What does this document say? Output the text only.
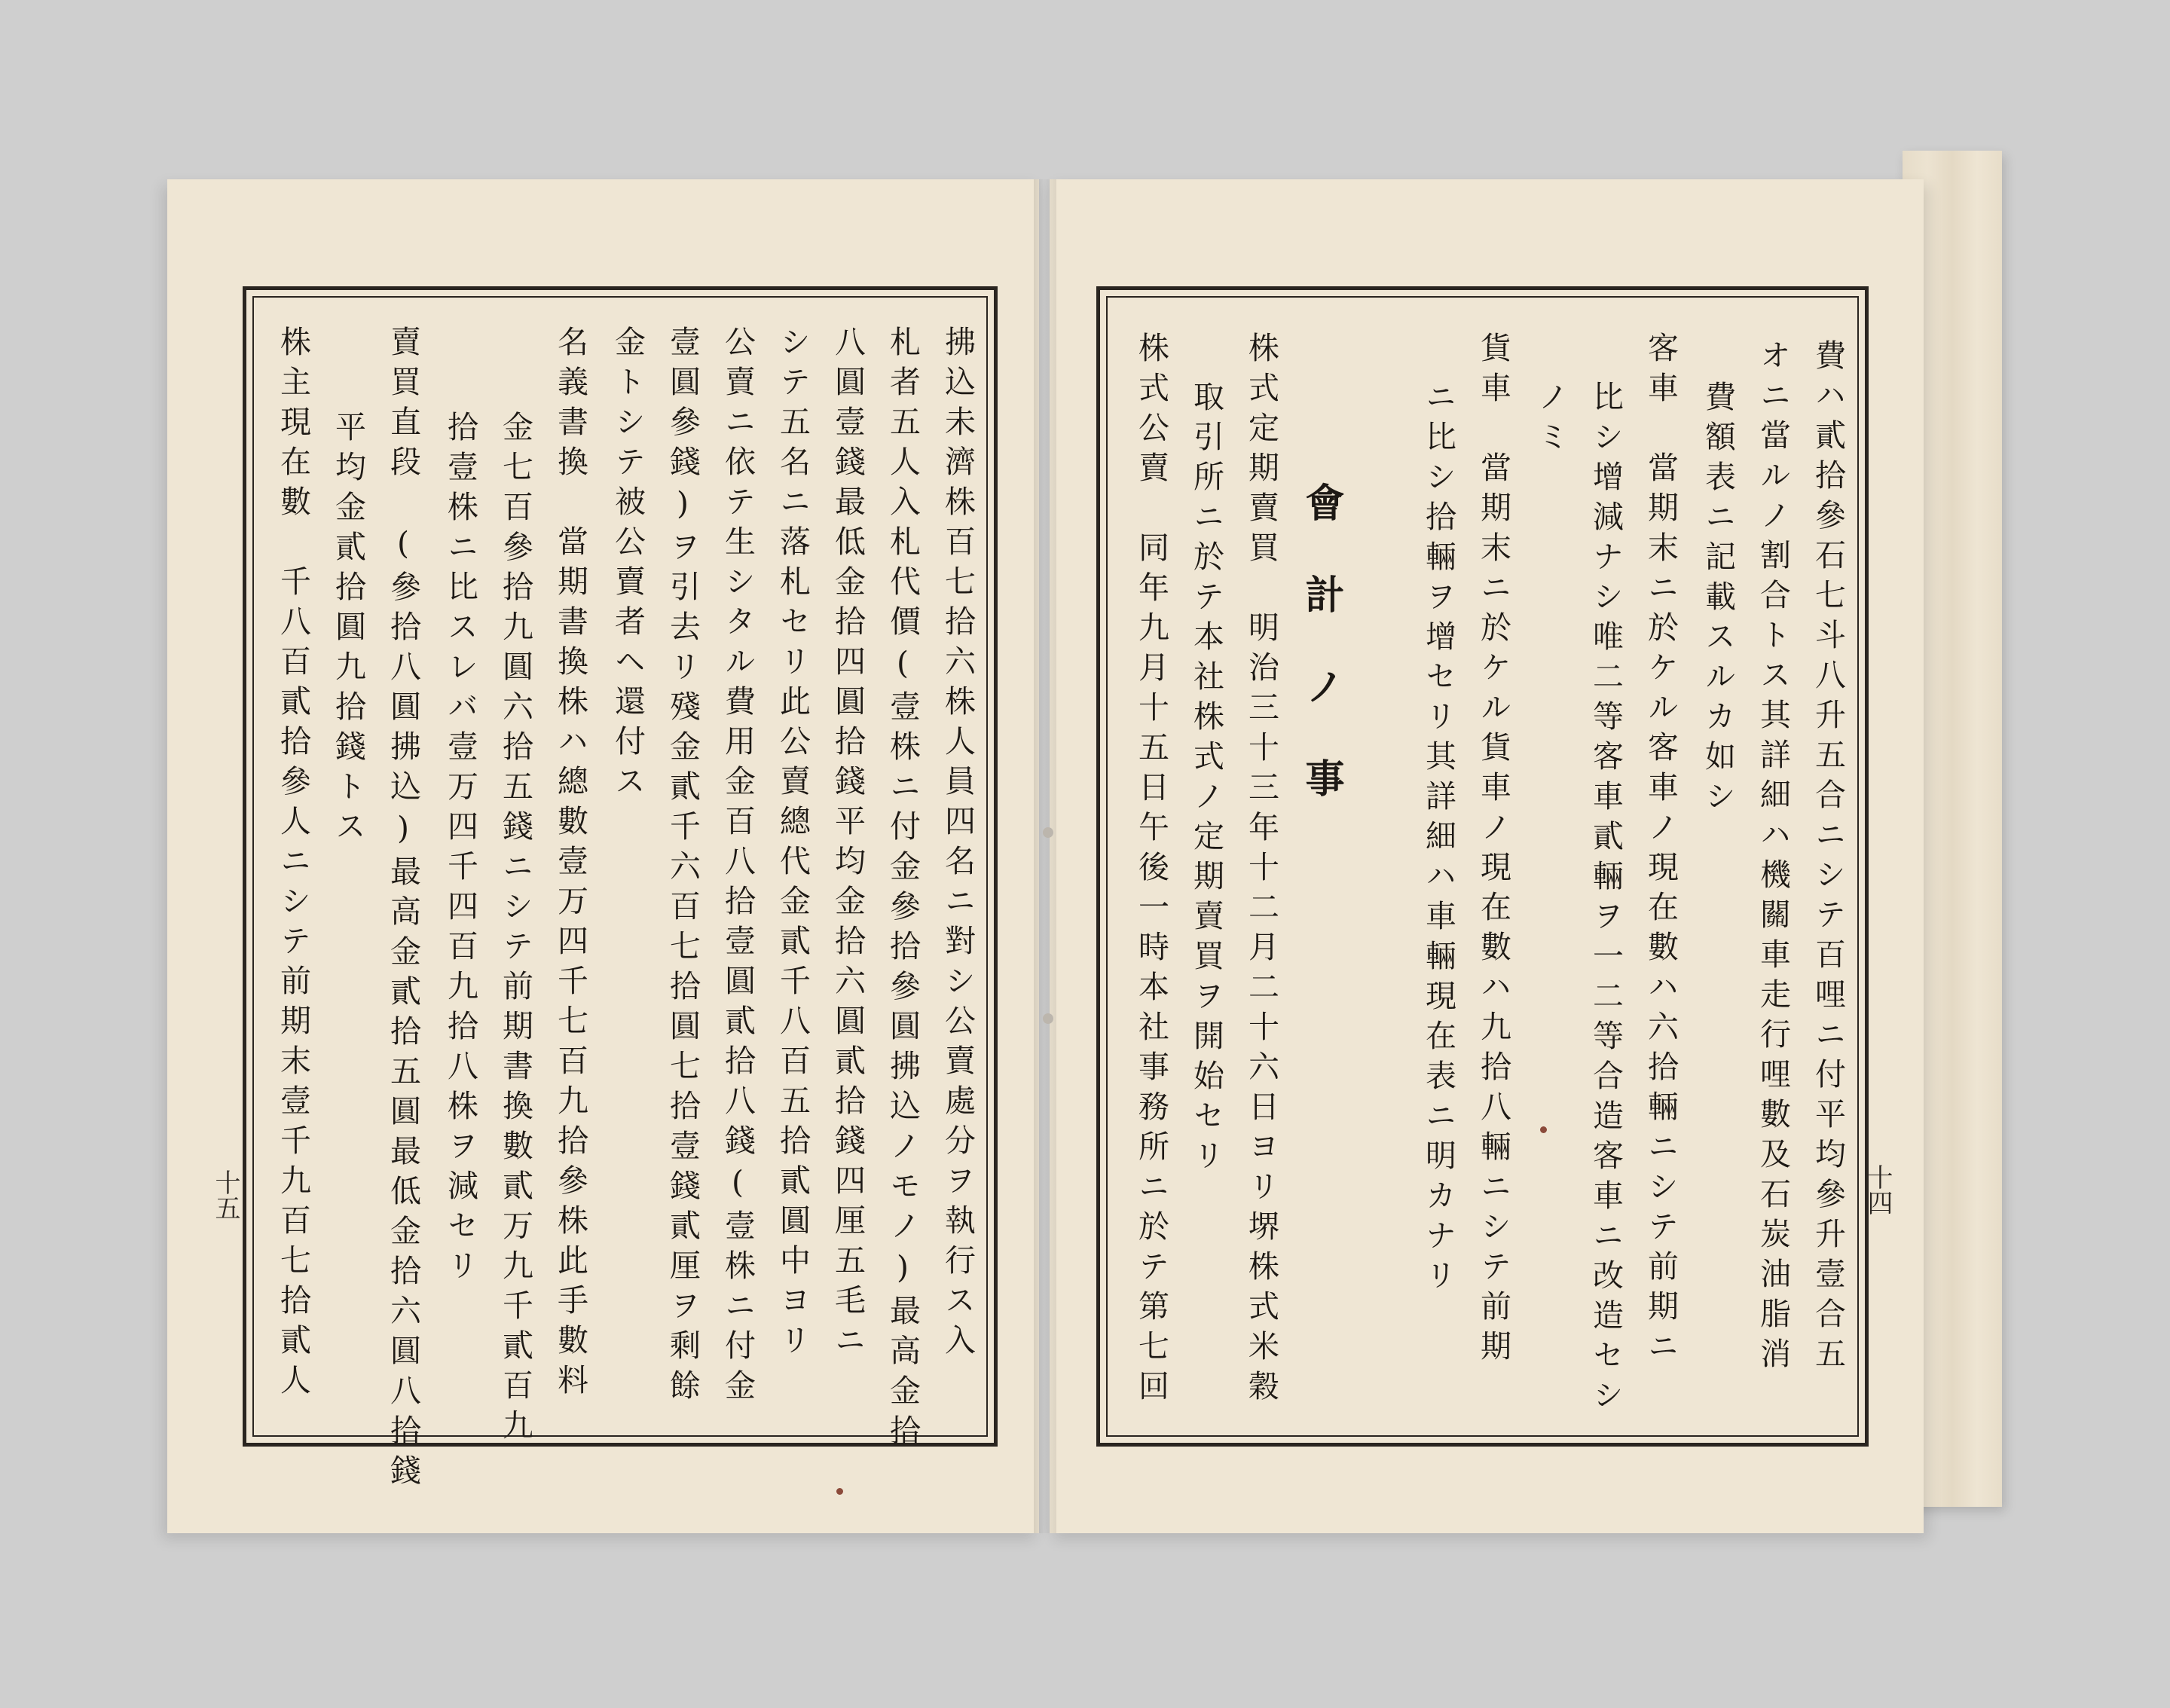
拂込未濟株百七拾六株人員四名ニ對シ公賣處分ヲ執行ス入
札者五人入札代價(壹株ニ付金參拾參圓拂込ノモノ)最高金拾
八圓壹錢最低金拾四圓拾錢平均金拾六圓貳拾錢四厘五毛ニ
シテ五名ニ落札セリ此公賣總代金貳千八百五拾貳圓中ヨリ
公賣ニ依テ生シタル費用金百八拾壹圓貳拾八錢(壹株ニ付金
壹圓參錢)ヲ引去リ殘金貳千六百七拾圓七拾壹錢貳厘ヲ剩餘
金トシテ被公賣者ヘ還付ス
名義書換　當期書換株ハ總數壹万四千七百九拾參株此手數料
金七百參拾九圓六拾五錢ニシテ前期書換數貳万九千貳百九
拾壹株ニ比スレバ壹万四千四百九拾八株ヲ減セリ
賣買直段　(參拾八圓拂込)最高金貳拾五圓最低金拾六圓八拾錢
平均金貳拾圓九拾錢トス
株主現在數　千八百貳拾參人ニシテ前期末壹千九百七拾貳人
十五	費ハ貳拾參石七斗八升五合ニシテ百哩ニ付平均參升壹合五
オニ當ルノ割合トス其詳細ハ機關車走行哩數及石炭油脂消
費額表ニ記載スルカ如シ
客車　當期末ニ於ケル客車ノ現在數ハ六拾輛ニシテ前期ニ
比シ增減ナシ唯二等客車貳輛ヲ一二等合造客車ニ改造セシ
ノミ
貨車　當期末ニ於ケル貨車ノ現在數ハ九拾八輛ニシテ前期
ニ比シ拾輛ヲ增セリ其詳細ハ車輛現在表ニ明カナリ
會計ノ事
株式定期賣買　明治三十三年十二月二十六日ヨリ堺株式米穀
取引所ニ於テ本社株式ノ定期賣買ヲ開始セリ
株式公賣　同年九月十五日午後一時本社事務所ニ於テ第七回	十四
